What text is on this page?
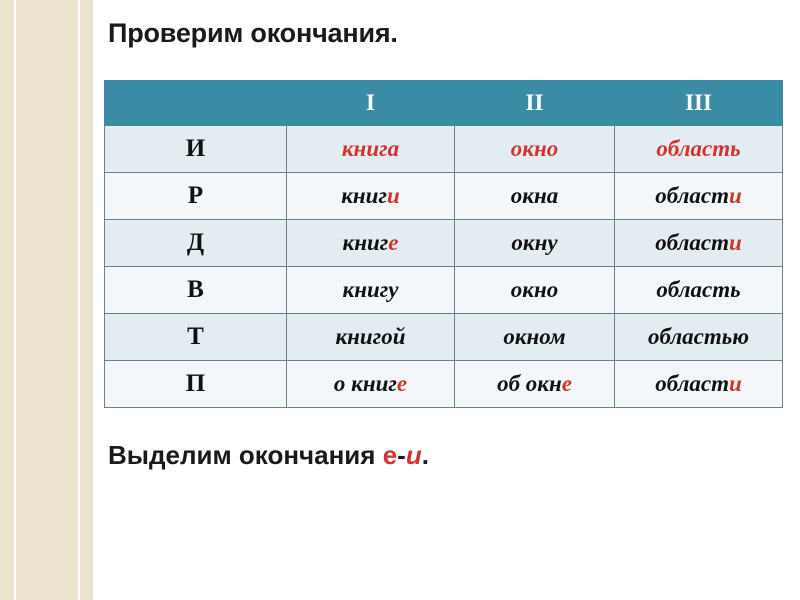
Проверим окончания.
	I	II	III
И	книга	окно	область
Р	книги	окна	области
Д	книге	окну	области
В	книгу	окно	область
Т	книгой	окном	областью
П	о книге	об окне	области
Выделим окончания е-и.
